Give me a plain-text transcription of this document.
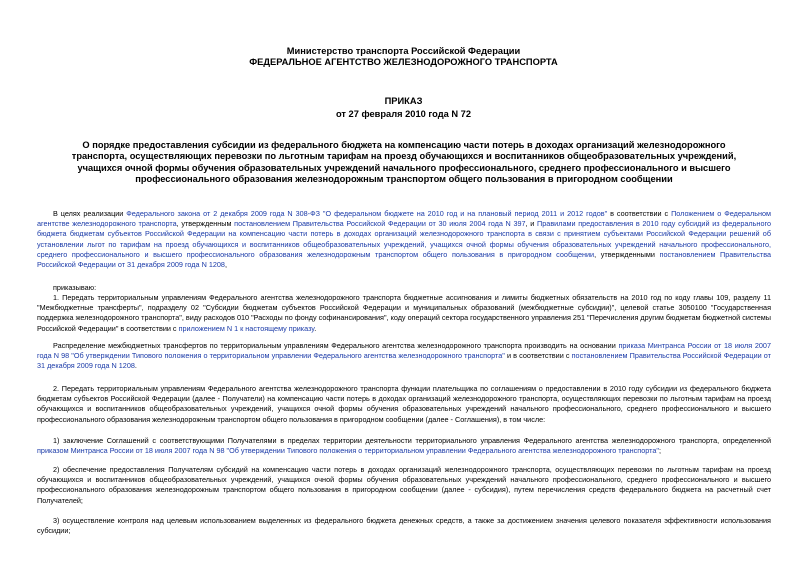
Министерство транспорта Российской Федерации
ФЕДЕРАЛЬНОЕ АГЕНТСТВО ЖЕЛЕЗНОДОРОЖНОГО ТРАНСПОРТА
ПРИКАЗ
от 27 февраля 2010 года N 72
О порядке предоставления субсидии из федерального бюджета на компенсацию части потерь в доходах организаций железнодорожного транспорта, осуществляющих перевозки по льготным тарифам на проезд обучающихся и воспитанников общеобразовательных учреждений, учащихся очной формы обучения образовательных учреждений начального профессионального, среднего профессионального и высшего профессионального образования железнодорожным транспортом общего пользования в пригородном сообщении
В целях реализации Федерального закона от 2 декабря 2009 года N 308-ФЗ "О федеральном бюджете на 2010 год и на плановый период 2011 и 2012 годов" в соответствии с Положением о Федеральном агентстве железнодорожного транспорта, утвержденным постановлением Правительства Российской Федерации от 30 июля 2004 года N 397, и Правилами предоставления в 2010 году субсидий из федерального бюджета бюджетам субъектов Российской Федерации на компенсацию части потерь в доходах организаций железнодорожного транспорта в связи с принятием субъектами Российской Федерации решений об установлении льгот по тарифам на проезд обучающихся и воспитанников общеобразовательных учреждений, учащихся очной формы обучения образовательных учреждений начального профессионального, среднего профессионального и высшего профессионального образования железнодорожным транспортом общего пользования в пригородном сообщении, утвержденными постановлением Правительства Российской Федерации от 31 декабря 2009 года N 1208,
приказываю:
1. Передать территориальным управлениям Федерального агентства железнодорожного транспорта бюджетные ассигнования и лимиты бюджетных обязательств на 2010 год по коду главы 109, разделу 11 "Межбюджетные трансферты", подразделу 02 "Субсидии бюджетам субъектов Российской Федерации и муниципальных образований (межбюджетные субсидии)", целевой статье 3050100 "Государственная поддержка железнодорожного транспорта", виду расходов 010 "Расходы по фонду софинансирования", коду операций сектора государственного управления 251 "Перечисления другим бюджетам бюджетной системы Российской Федерации" в соответствии с приложением N 1 к настоящему приказу.
Распределение межбюджетных трансфертов по территориальным управлениям Федерального агентства железнодорожного транспорта производить на основании приказа Минтранса России от 18 июля 2007 года N 98 "Об утверждении Типового положения о территориальном управлении Федерального агентства железнодорожного транспорта" и в соответствии с постановлением Правительства Российской Федерации от 31 декабря 2009 года N 1208.
2. Передать территориальным управлениям Федерального агентства железнодорожного транспорта функции плательщика по соглашениям о предоставлении в 2010 году субсидии из федерального бюджета бюджетам субъектов Российской Федерации (далее - Получатели) на компенсацию части потерь в доходах организаций железнодорожного транспорта, осуществляющих перевозки по льготным тарифам на проезд обучающихся и воспитанников общеобразовательных учреждений, учащихся очной формы обучения образовательных учреждений начального профессионального, среднего профессионального и высшего профессионального образования железнодорожным транспортом общего пользования в пригородном сообщении (далее - Соглашения), в том числе:
1) заключение Соглашений с соответствующими Получателями в пределах территории деятельности территориального управления Федерального агентства железнодорожного транспорта, определенной приказом Минтранса России от 18 июля 2007 года N 98 "Об утверждении Типового положения о территориальном управлении Федерального агентства железнодорожного транспорта";
2) обеспечение предоставления Получателям субсидий на компенсацию части потерь в доходах организаций железнодорожного транспорта, осуществляющих перевозки по льготным тарифам на проезд обучающихся и воспитанников общеобразовательных учреждений, учащихся очной формы обучения образовательных учреждений начального профессионального, среднего профессионального и высшего профессионального образования железнодорожным транспортом общего пользования в пригородном сообщении (далее - субсидия), путем перечисления средств федерального бюджета на расчетный счет Получателей;
3) осуществление контроля над целевым использованием выделенных из федерального бюджета денежных средств, а также за достижением значения целевого показателя эффективности использования субсидии;
